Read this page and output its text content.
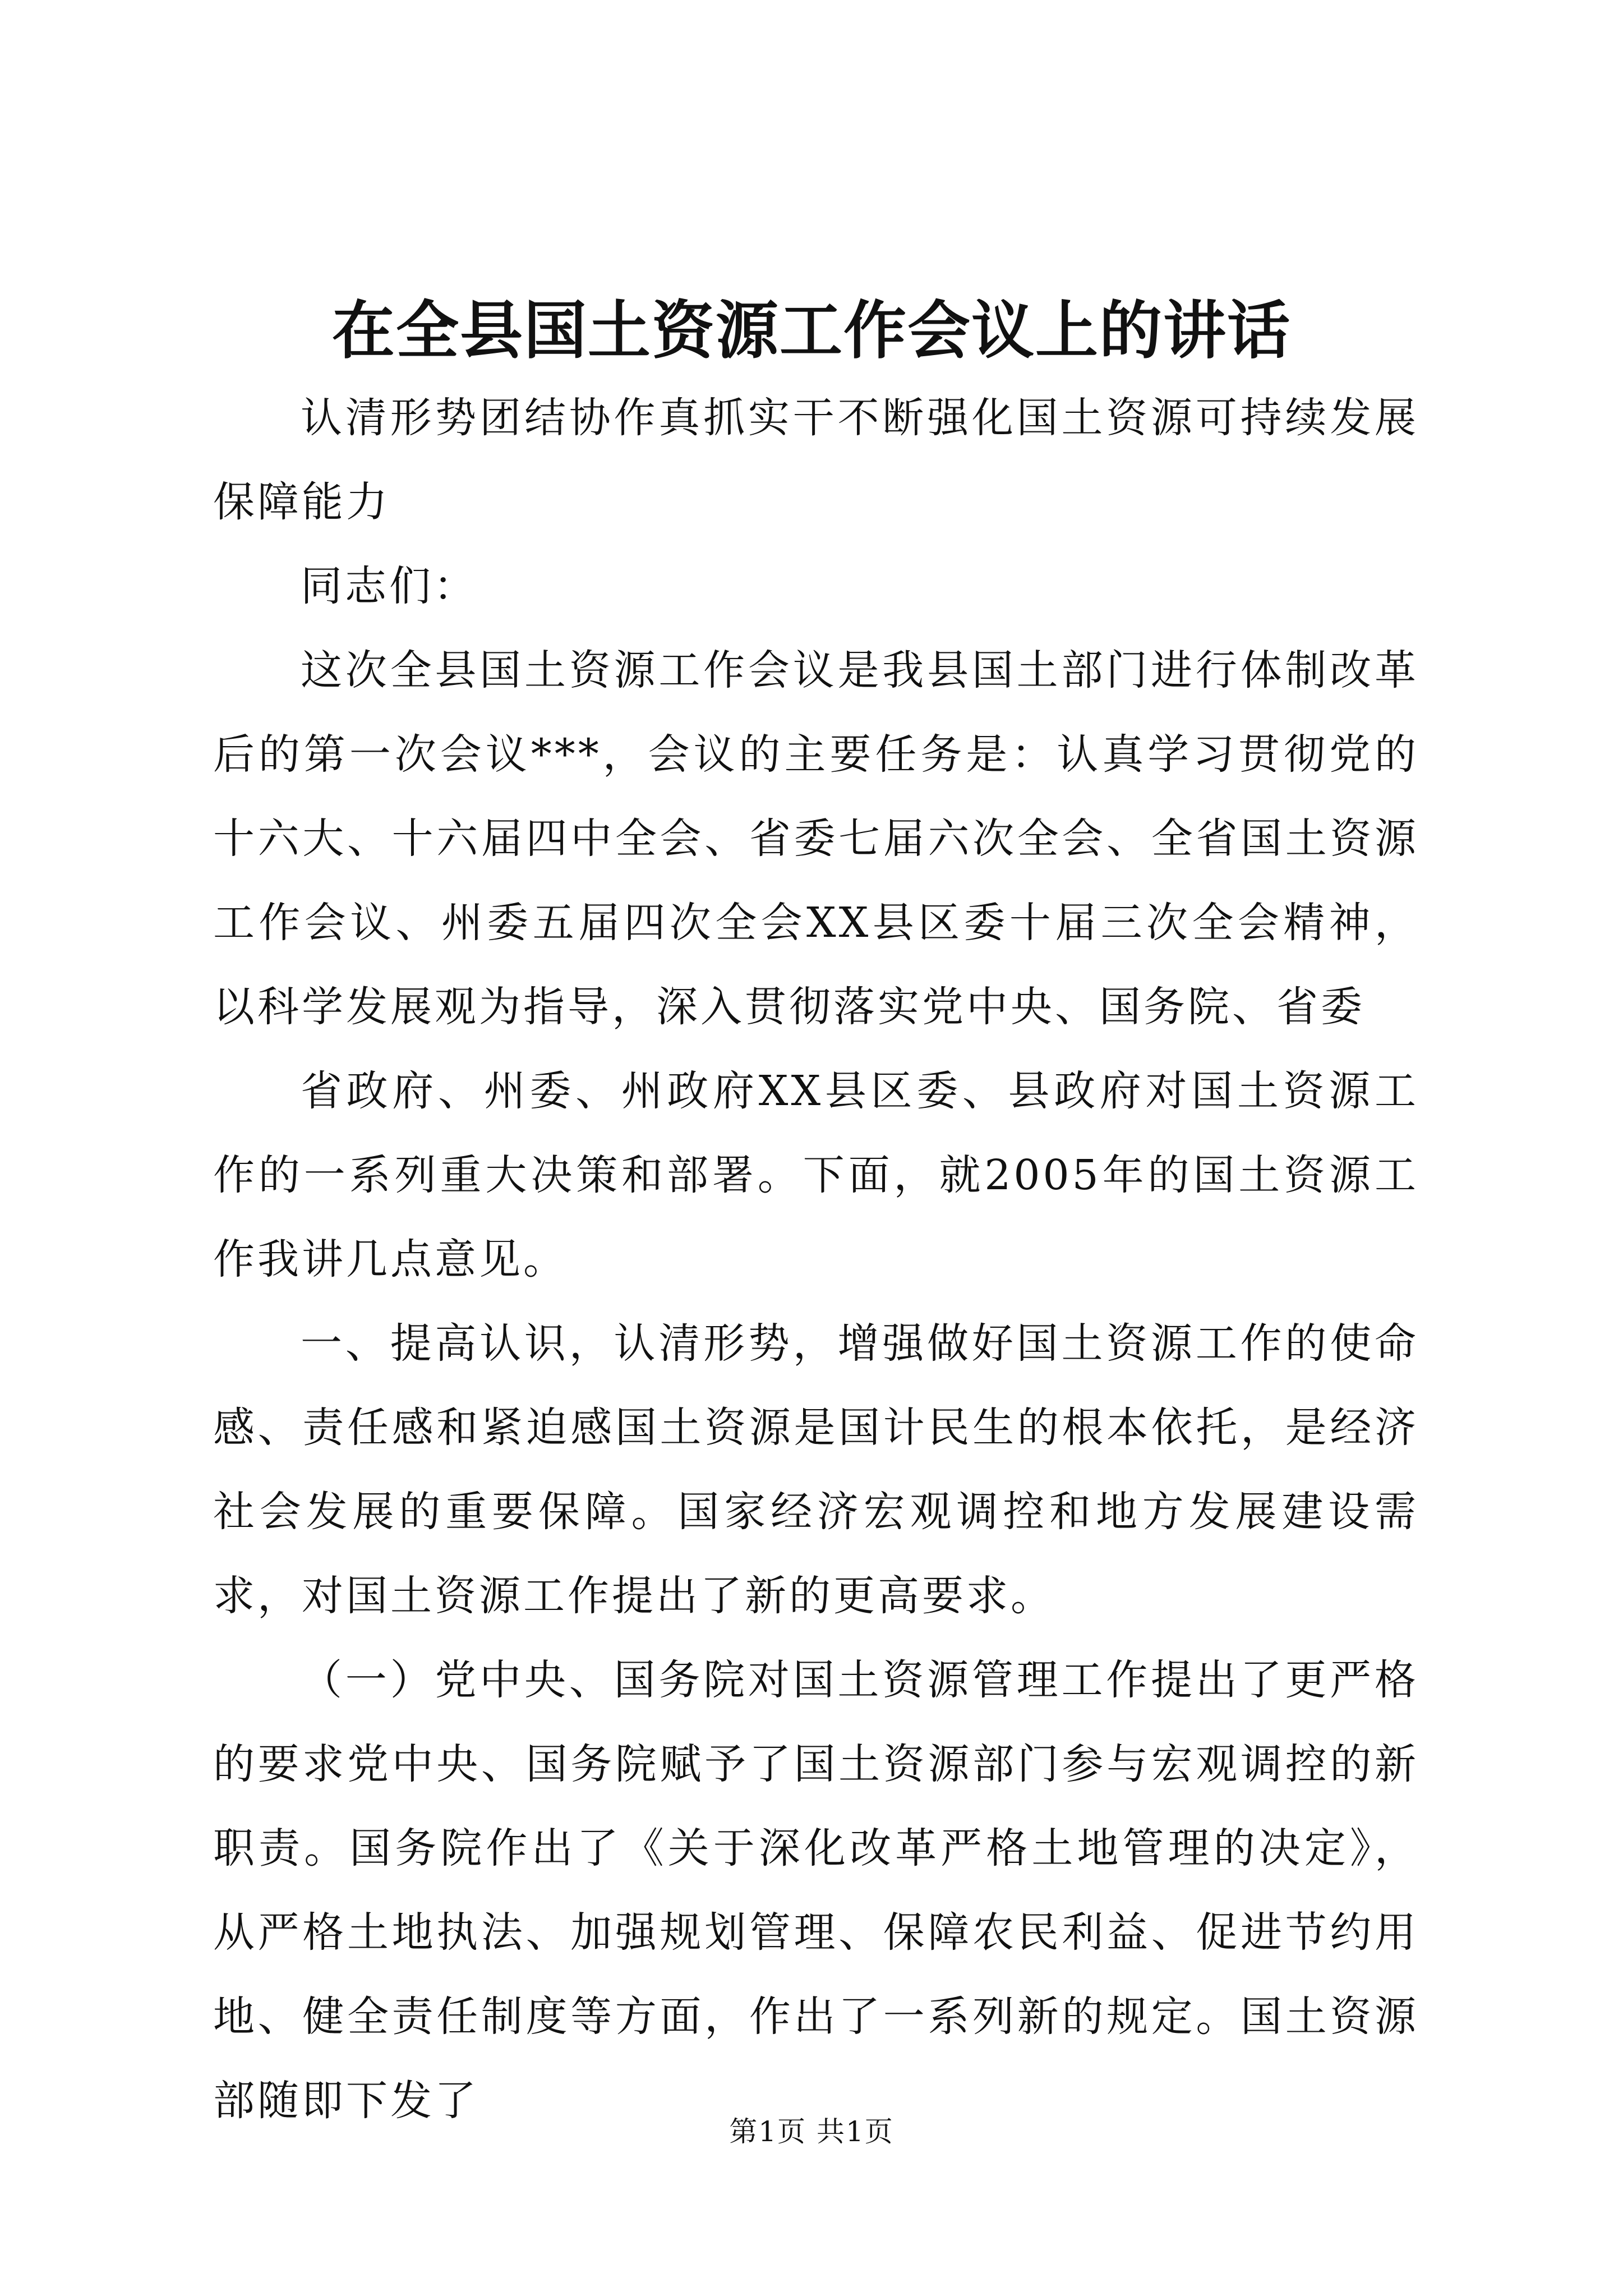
在全县国土资源工作会议上的讲话

认清形势团结协作真抓实干不断强化国土资源可持续发展保障能力

同志们：

这次全县国土资源工作会议是我县国土部门进行体制改革后的第一次会议***，会议的主要任务是：认真学习贯彻党的十六大、十六届四中全会、省委七届六次全会、全省国土资源工作会议、州委五届四次全会XX县区委十届三次全会精神，以科学发展观为指导，深入贯彻落实党中央、国务院、省委

省政府、州委、州政府XX县区委、县政府对国土资源工作的一系列重大决策和部署。下面，就2005年的国土资源工作我讲几点意见。

一、提高认识，认清形势，增强做好国土资源工作的使命感、责任感和紧迫感国土资源是国计民生的根本依托，是经济社会发展的重要保障。国家经济宏观调控和地方发展建设需求，对国土资源工作提出了新的更高要求。

（一）党中央、国务院对国土资源管理工作提出了更严格的要求党中央、国务院赋予了国土资源部门参与宏观调控的新职责。国务院作出了《关于深化改革严格土地管理的决定》，从严格土地执法、加强规划管理、保障农民利益、促进节约用地、健全责任制度等方面，作出了一系列新的规定。国土资源部随即下发了

第1页 共1页
